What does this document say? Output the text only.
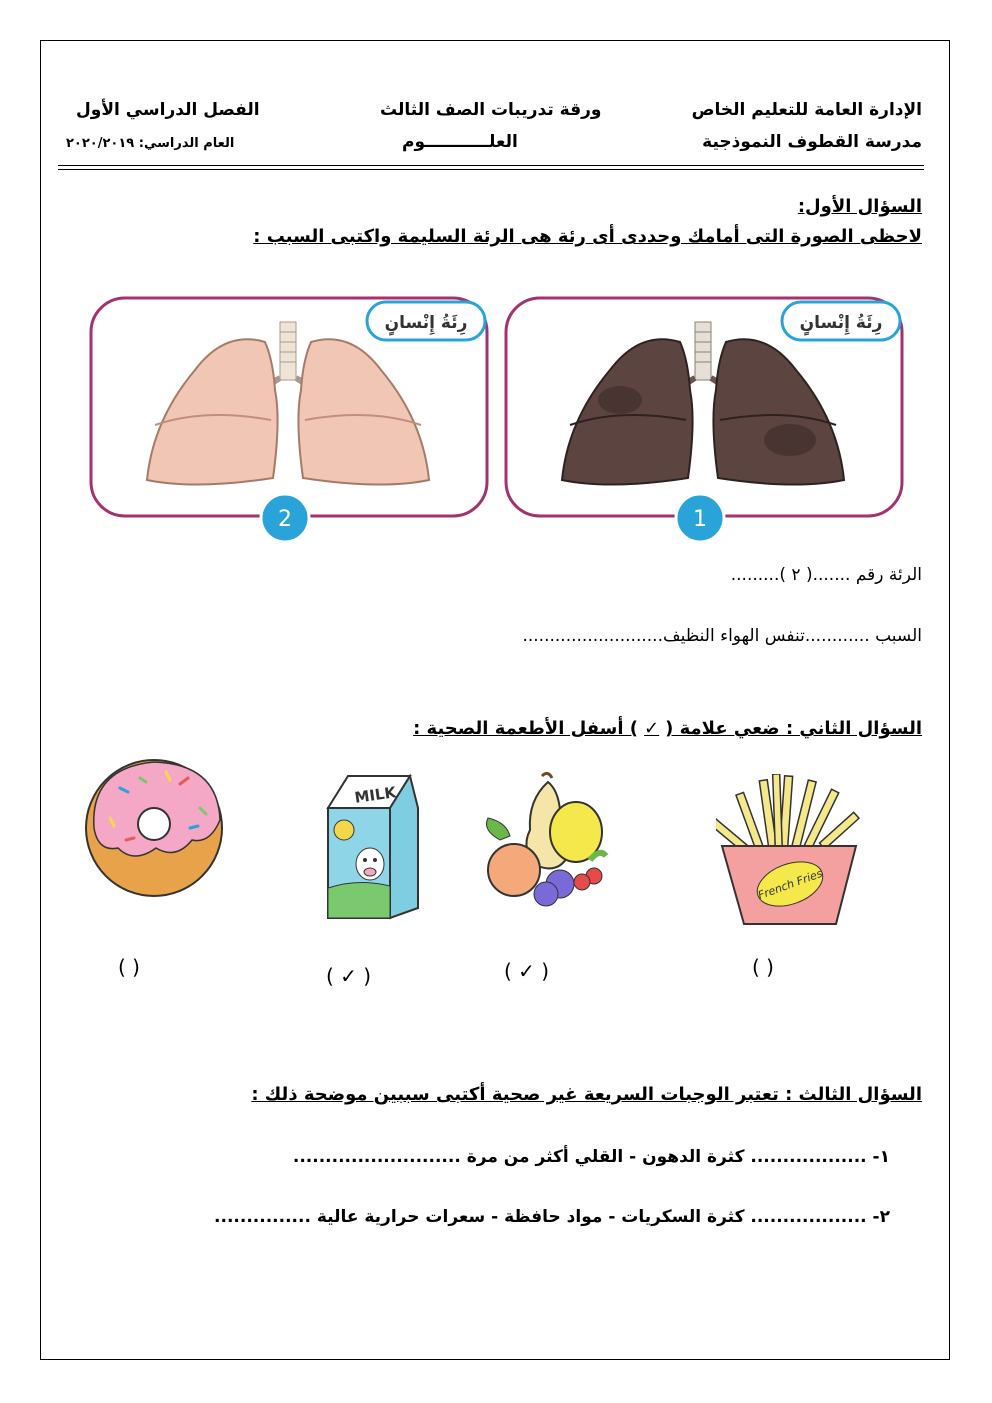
الإدارة العامة للتعليم الخاص
مدرسة القطوف النموذجية
ورقة تدريبات الصف الثالث
العلـــــــــــوم
الفصل الدراسي الأول
العام الدراسي: ٢٠٢٠/٢٠١٩
السؤال الأول:
لاحظى الصورة التى أمامك وحددى أى رئة هى الرئة السليمة واكتبى السبب :
رِئَةُ إِنْسانٍ
2
رِئَةُ إِنْسانٍ
1
الرئة رقم .......( ٢ ).........
السبب ............تنفس الهواء النظيف..........................
السؤال الثاني : ضعي علامة (
✓
) أسفل الأطعمة الصحية :
MILK
French Fries
( )	( ✓ )	( ✓ )	( )
السؤال الثالث : تعتبر الوجبات السريعة غير صحية أكتبى سببين موضحة ذلك :
١- .................. كثرة الدهون - القلي أكثر من مرة ..........................
٢- .................. كثرة السكريات - مواد حافظة - سعرات حرارية عالية ...............
